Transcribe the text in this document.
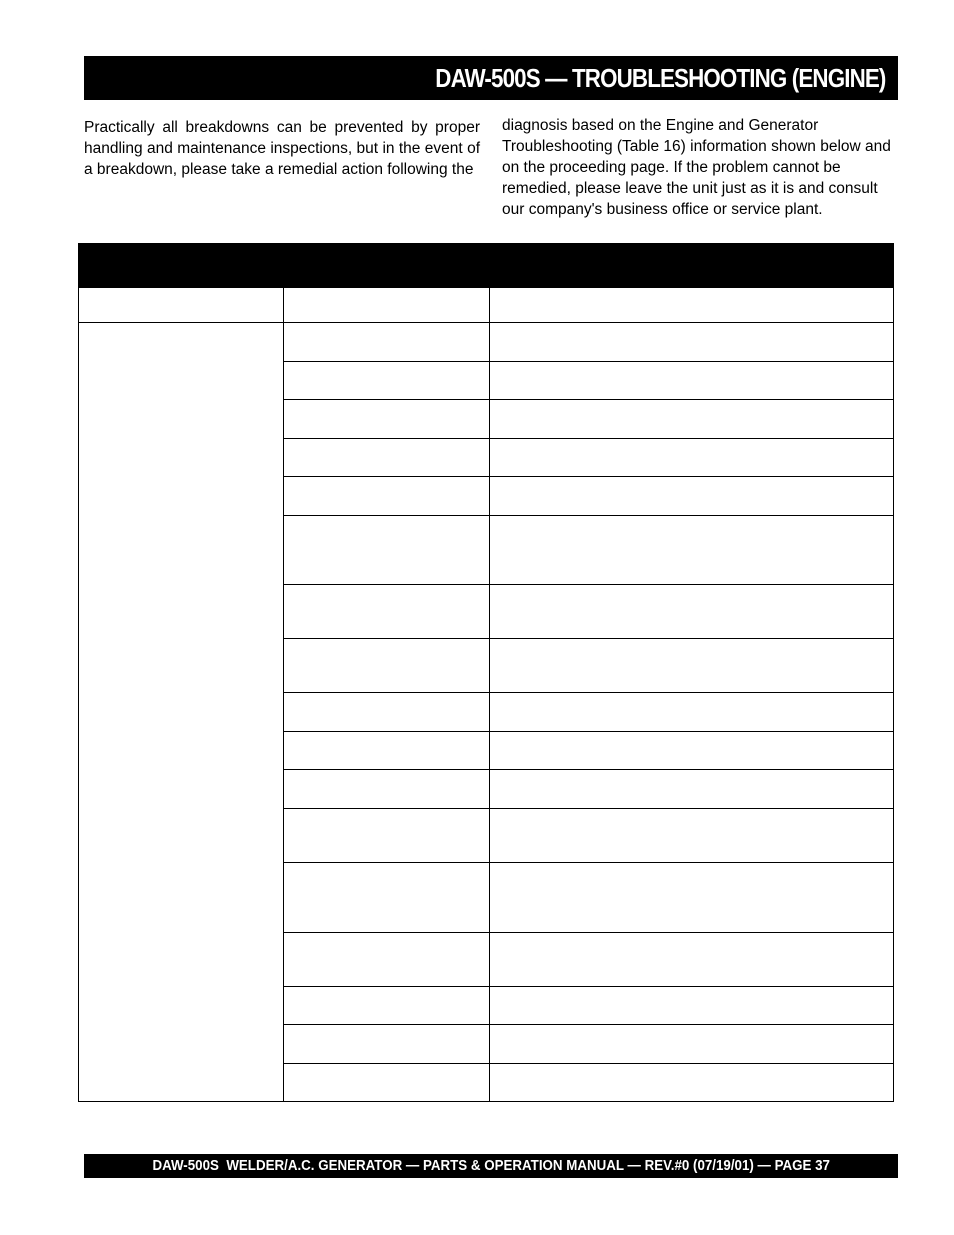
DAW-500S — TROUBLESHOOTING (ENGINE)

Practically all breakdowns can be prevented by proper handling and maintenance inspections, but in the event of a breakdown, please take a remedial action following the

diagnosis based on the Engine and Generator Troubleshooting (Table 16) information shown below and on the proceeding page. If the problem cannot be remedied, please leave the unit just as it is and consult our company's business office or service plant.

DAW-500S  WELDER/A.C. GENERATOR — PARTS & OPERATION MANUAL — REV.#0 (07/19/01) — PAGE 37
